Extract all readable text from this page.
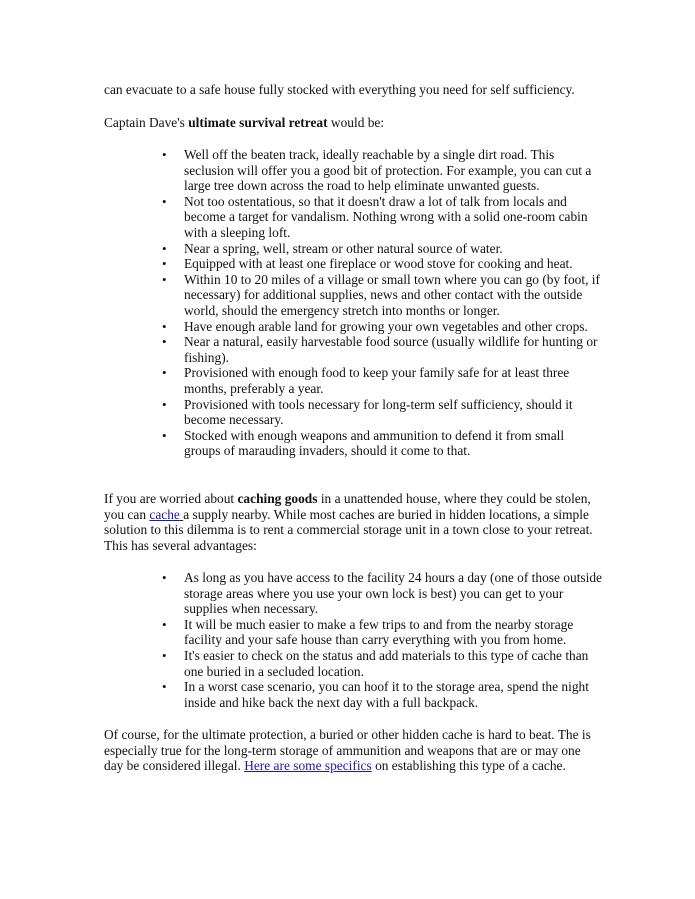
can evacuate to a safe house fully stocked with everything you need for self sufficiency.

Captain Dave's ultimate survival retreat would be:

• Well off the beaten track, ideally reachable by a single dirt road. This seclusion will offer you a good bit of protection. For example, you can cut a large tree down across the road to help eliminate unwanted guests.
• Not too ostentatious, so that it doesn't draw a lot of talk from locals and become a target for vandalism. Nothing wrong with a solid one-room cabin with a sleeping loft.
• Near a spring, well, stream or other natural source of water.
• Equipped with at least one fireplace or wood stove for cooking and heat.
• Within 10 to 20 miles of a village or small town where you can go (by foot, if necessary) for additional supplies, news and other contact with the outside world, should the emergency stretch into months or longer.
• Have enough arable land for growing your own vegetables and other crops.
• Near a natural, easily harvestable food source (usually wildlife for hunting or fishing).
• Provisioned with enough food to keep your family safe for at least three months, preferably a year.
• Provisioned with tools necessary for long-term self sufficiency, should it become necessary.
• Stocked with enough weapons and ammunition to defend it from small groups of marauding invaders, should it come to that.

If you are worried about caching goods in a unattended house, where they could be stolen, you can cache a supply nearby. While most caches are buried in hidden locations, a simple solution to this dilemma is to rent a commercial storage unit in a town close to your retreat. This has several advantages:

• As long as you have access to the facility 24 hours a day (one of those outside storage areas where you use your own lock is best) you can get to your supplies when necessary.
• It will be much easier to make a few trips to and from the nearby storage facility and your safe house than carry everything with you from home.
• It's easier to check on the status and add materials to this type of cache than one buried in a secluded location.
• In a worst case scenario, you can hoof it to the storage area, spend the night inside and hike back the next day with a full backpack.

Of course, for the ultimate protection, a buried or other hidden cache is hard to beat. The is especially true for the long-term storage of ammunition and weapons that are or may one day be considered illegal. Here are some specifics on establishing this type of a cache.
